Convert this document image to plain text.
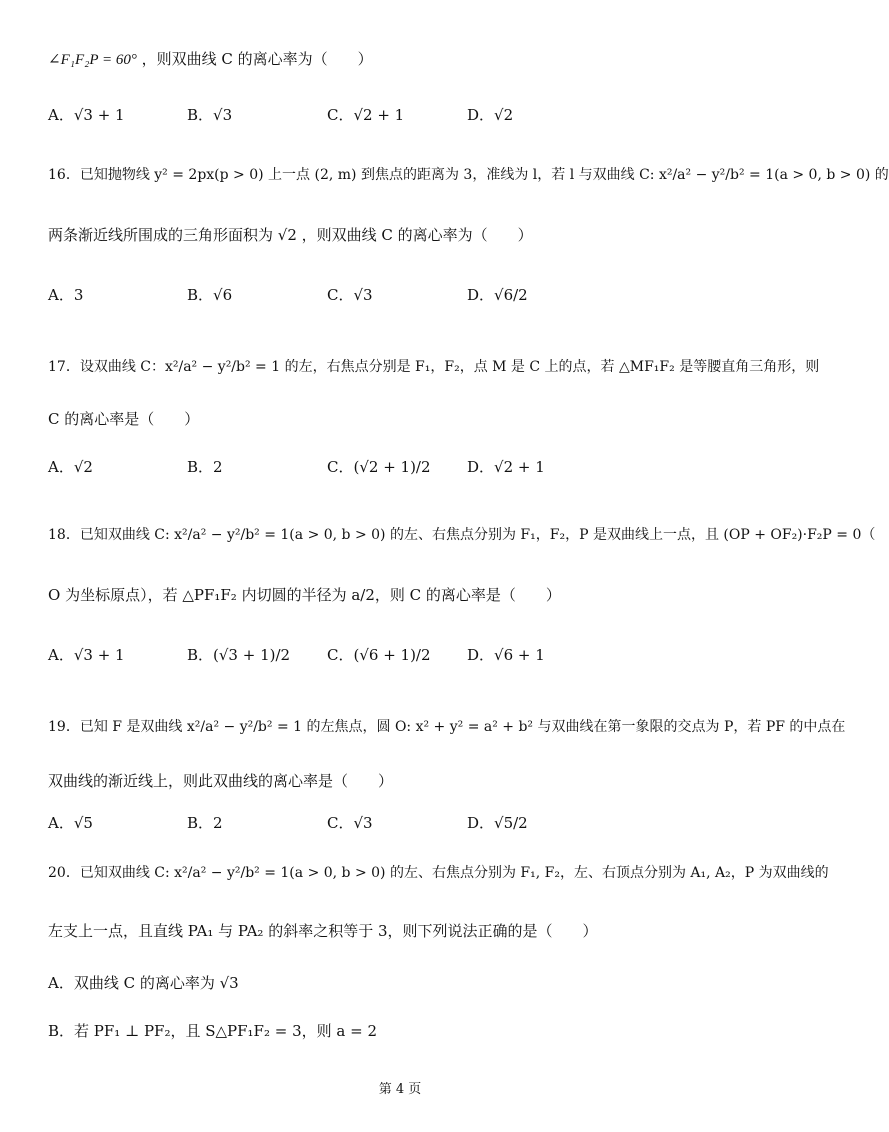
∠F₁F₂P = 60° ，则双曲线 C 的离心率为（　　）
A．√3 + 1	B．√3	C．√2 + 1	D．√2
16．已知抛物线 y² = 2px(p > 0) 上一点 (2, m) 到焦点的距离为 3，准线为 l，若 l 与双曲线 C: x²/a² − y²/b² = 1(a > 0, b > 0) 的
两条渐近线所围成的三角形面积为 √2 ，则双曲线 C 的离心率为（　　）
A．3	B．√6	C．√3	D．√6/2
17．设双曲线 C：x²/a² − y²/b² = 1 的左，右焦点分别是 F₁，F₂，点 M 是 C 上的点，若 △MF₁F₂ 是等腰直角三角形，则
C 的离心率是（　　）
A．√2	B．2	C．(√2 + 1)/2 D．√2 + 1
18．已知双曲线 C: x²/a² − y²/b² = 1(a > 0, b > 0) 的左、右焦点分别为 F₁，F₂，P 是双曲线上一点，且 (OP + OF₂)·F₂P = 0（
O 为坐标原点），若 △PF₁F₂ 内切圆的半径为 a/2，则 C 的离心率是（　　）
A．√3 + 1	B．(√3 + 1)/2 C．(√6 + 1)/2 D．√6 + 1
19．已知 F 是双曲线 x²/a² − y²/b² = 1 的左焦点，圆 O: x² + y² = a² + b² 与双曲线在第一象限的交点为 P，若 PF 的中点在
双曲线的渐近线上，则此双曲线的离心率是（　　）
A．√5	B．2	C．√3	D．√5/2
20．已知双曲线 C: x²/a² − y²/b² = 1(a > 0, b > 0) 的左、右焦点分别为 F₁, F₂，左、右顶点分别为 A₁, A₂，P 为双曲线的
左支上一点，且直线 PA₁ 与 PA₂ 的斜率之积等于 3，则下列说法正确的是（　　）
A．双曲线 C 的离心率为 √3
B．若 PF₁ ⊥ PF₂，且 S△PF₁F₂ = 3，则 a = 2
第 4 页
